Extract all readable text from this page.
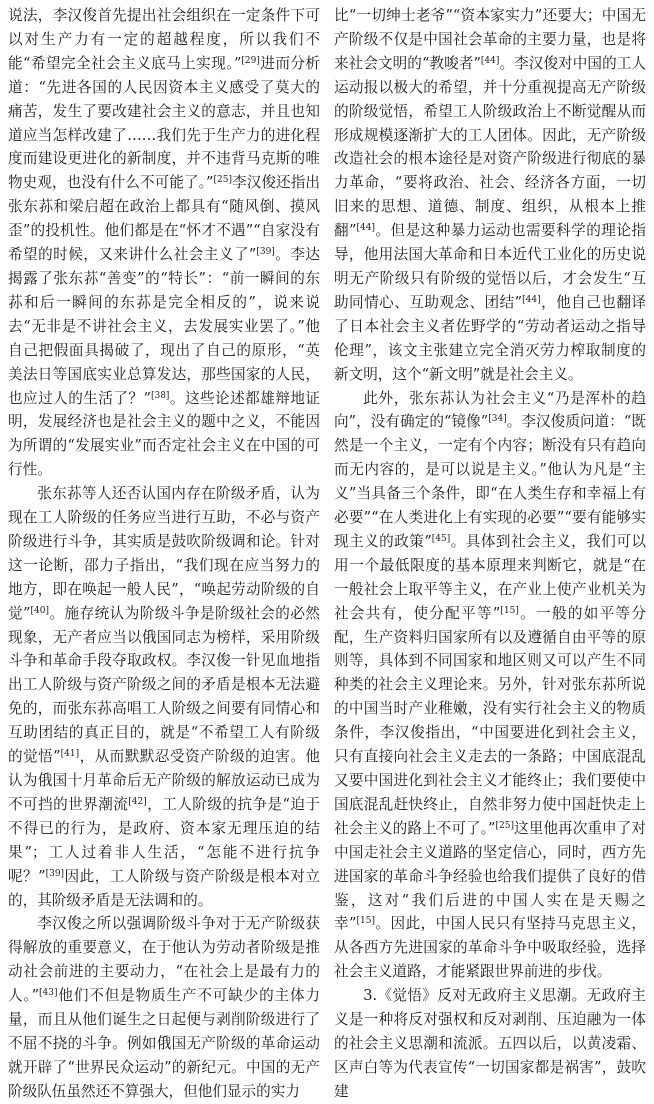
说法，李汉俊首先提出社会组织在一定条件下可以对生产力有一定的超越程度，所以我们不能“希望完全社会主义底马上实现。”[29]进而分析道：“先进各国的人民因资本主义感受了莫大的痛苦，发生了要改建社会主义的意志，并且也知道应当怎样改建了……我们先于生产力的进化程度而建设更进化的新制度，并不违背马克斯的唯物史观，也没有什么不可能了。”[25]李汉俊还指出张东荪和梁启超在政治上都具有“随风倒、摸风歪”的投机性。他们都是在“怀才不遇”“自家没有希望的时候，又来讲什么社会主义了”[39]。李达揭露了张东荪“善变”的“特长”：“前一瞬间的东荪和后一瞬间的东荪是完全相反的”，说来说去“无非是不讲社会主义，去发展实业罢了。”他自己把假面具揭破了，现出了自己的原形，“英美法日等国底实业总算发达，那些国家的人民，也应过人的生活了？”[38]。这些论述都雄辩地证明，发展经济也是社会主义的题中之义，不能因为所谓的“发展实业”而否定社会主义在中国的可行性。

张东荪等人还否认国内存在阶级矛盾，认为现在工人阶级的任务应当进行互助，不必与资产阶级进行斗争，其实质是鼓吹阶级调和论。针对这一论断，邵力子指出，“我们现在应当努力的地方，即在唤起一般人民”，“唤起劳动阶级的自觉”[40]。施存统认为阶级斗争是阶级社会的必然现象，无产者应当以俄国同志为榜样，采用阶级斗争和革命手段夺取政权。李汉俊一针见血地指出工人阶级与资产阶级之间的矛盾是根本无法避免的，而张东荪高唱工人阶级之间要有同情心和互助团结的真正目的，就是“不希望工人有阶级的觉悟”[41]，从而默默忍受资产阶级的迫害。他认为俄国十月革命后无产阶级的解放运动已成为不可挡的世界潮流[42]，工人阶级的抗争是“迫于不得已的行为，是政府、资本家无理压迫的结果”；工人过着非人生活，“怎能不进行抗争呢？”[39]因此，工人阶级与资产阶级是根本对立的，其阶级矛盾是无法调和的。

李汉俊之所以强调阶级斗争对于无产阶级获得解放的重要意义，在于他认为劳动者阶级是推动社会前进的主要动力，“在社会上是最有力的人。”[43]他们不但是物质生产不可缺少的主体力量，而且从他们诞生之日起便与剥削阶级进行了不屈不挠的斗争。例如俄国无产阶级的革命运动就开辟了“世界民众运动”的新纪元。中国的无产阶级队伍虽然还不算强大，但他们显示的实力

比“一切绅士老爷”“资本家实力”还要大；中国无产阶级不仅是中国社会革命的主要力量，也是将来社会文明的“教唆者”[44]。李汉俊对中国的工人运动报以极大的希望，并十分重视提高无产阶级的阶级觉悟，希望工人阶级政治上不断觉醒从而形成规模逐渐扩大的工人团体。因此，无产阶级改造社会的根本途径是对资产阶级进行彻底的暴力革命，“要将政治、社会、经济各方面，一切旧来的思想、道德、制度、组织，从根本上推翻”[44]。但是这种暴力运动也需要科学的理论指导，他用法国大革命和日本近代工业化的历史说明无产阶级只有阶级的觉悟以后，才会发生“互助同情心、互助观念、团结”[44]，他自己也翻译了日本社会主义者佐野学的“劳动者运动之指导伦理”，该文主张建立完全消灭劳力榨取制度的新文明，这个“新文明”就是社会主义。

此外，张东荪认为社会主义“乃是浑朴的趋向”，没有确定的“镜像”[34]。李汉俊质问道：“既然是一个主义，一定有个内容；断没有只有趋向而无内容的，是可以说是主义。”他认为凡是“主义”当具备三个条件，即“在人类生存和幸福上有必要”“在人类进化上有实现的必要”“要有能够实现主义的政策”[45]。具体到社会主义，我们可以用一个最低限度的基本原理来判断它，就是“在一般社会上取平等主义，在产业上使产业机关为社会共有，使分配平等”[15]。一般的如平等分配，生产资料归国家所有以及遵循自由平等的原则等，具体到不同国家和地区则又可以产生不同种类的社会主义理论来。另外，针对张东荪所说的中国当时产业稚嫩，没有实行社会主义的物质条件，李汉俊指出，“中国要进化到社会主义，只有直接向社会主义走去的一条路；中国底混乱又要中国进化到社会主义才能终止；我们要使中国底混乱赶快终止，自然非努力使中国赶快走上社会主义的路上不可了。”[25]这里他再次重申了对中国走社会主义道路的坚定信心，同时，西方先进国家的革命斗争经验也给我们提供了良好的借鉴，这对“我们后进的中国人实在是天赐之幸”[15]。因此，中国人民只有坚持马克思主义，从各西方先进国家的革命斗争中吸取经验，选择社会主义道路，才能紧跟世界前进的步伐。

3.《觉悟》反对无政府主义思潮。无政府主义是一种将反对强权和反对剥削、压迫融为一体的社会主义思潮和流派。五四以后，以黄凌霜、区声白等为代表宣传“一切国家都是祸害”，鼓吹建
